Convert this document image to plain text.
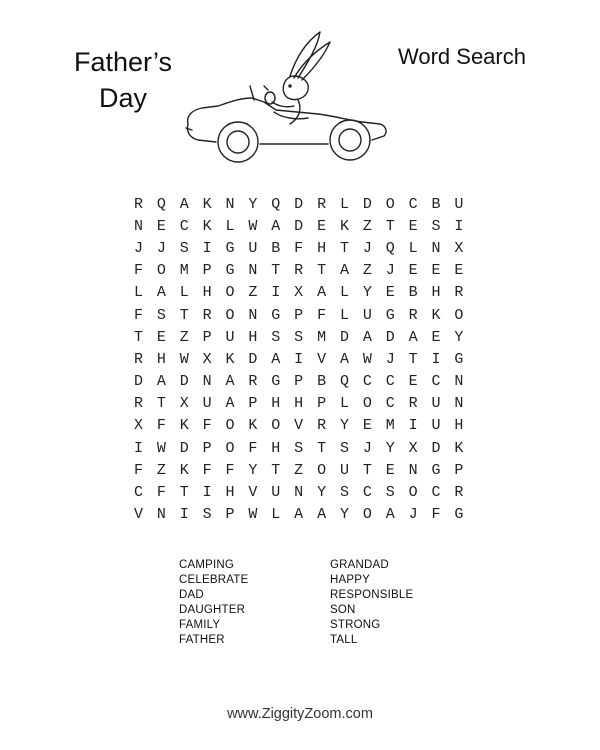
Father’s
Day
Word Search
R Q A K N Y Q D R L D O C B U
N E C K L W A D E K Z T E S I
J J S I G U B F H T J Q L N X
F O M P G N T R T A Z J E E E
L A L H O Z I X A L Y E B H R
F S T R O N G P F L U G R K O
T E Z P U H S S M D A D A E Y
R H W X K D A I V A W J T I G
D A D N A R G P B Q C C E C N
R T X U A P H H P L O C R U N
X F K F O K O V R Y E M I U H
I W D P O F H S T S J Y X D K
F Z K F F Y T Z O U T E N G P
C F T I H V U N Y S C S O C R
V N I S P W L A A Y O A J F G
CAMPING
CELEBRATE
DAD
DAUGHTER
FAMILY
FATHER
GRANDAD
HAPPY
RESPONSIBLE
SON
STRONG
TALL
www.ZiggityZoom.com
